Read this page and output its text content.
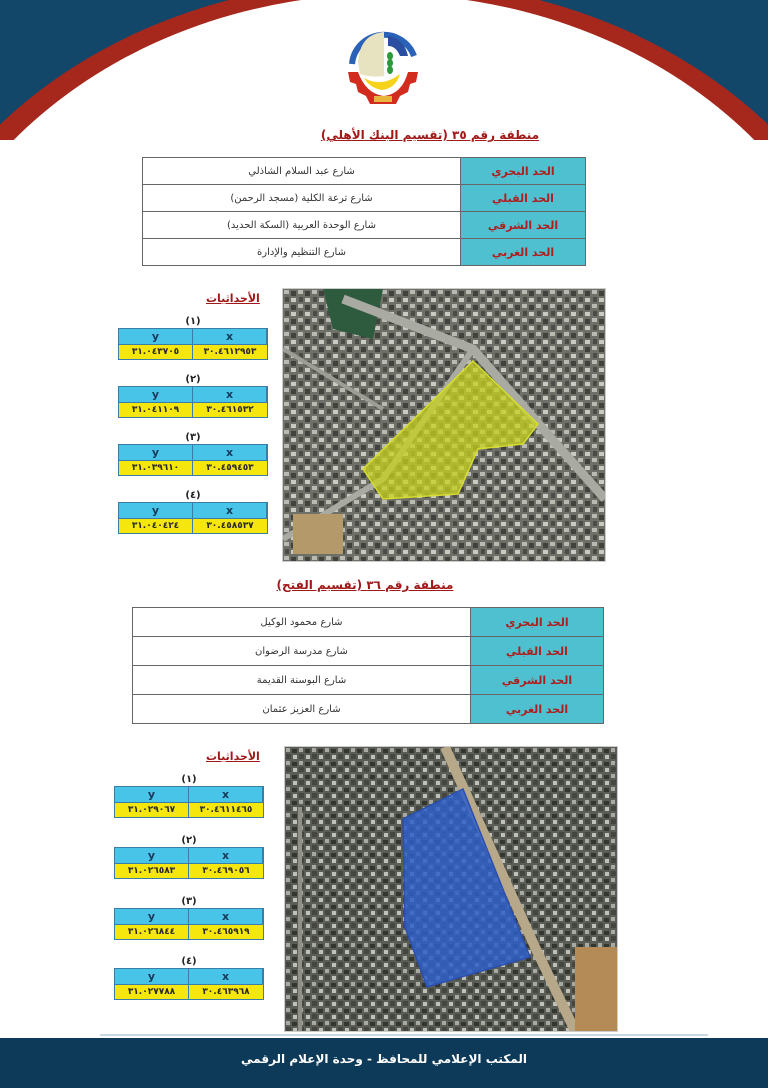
منطقة رقم ٣٥ (تقسيم البنك الأهلي)
شارع عبد السلام الشاذلي	الحد البحري
شارع ترعة الكلية (مسجد الرحمن)	الحد القبلي
شارع الوحدة العربية (السكة الحديد)	الحد الشرقي
شارع التنظيم والإدارة	الحد الغربي
الأحداثيات
(١)
y	x
٣١.٠٤٣٧٠٥	٣٠.٤٦١٢٩٥٣
(٢)
y	x
٣١.٠٤١١٠٩	٣٠.٤٦١٥٣٢
(٣)
y	x
٣١.٠٣٩٦١٠	٣٠.٤٥٩٤٥٣
(٤)
y	x
٣١.٠٤٠٤٢٤	٣٠.٤٥٨٥٣٧
منطقة رقم ٣٦ (تقسيم الفتح)
شارع محمود الوكيل	الحد البحري
شارع مدرسة الرضوان	الحد القبلي
شارع البوسنة القديمة	الحد الشرقي
شارع العزيز عثمان	الحد الغربي
الأحداثيات
(١)
y	x
٣١.٠٢٩٠٦٧	٣٠.٤٦١١٤٦٥
(٢)
y	x
٣١.٠٢٦٥٨٣	٣٠.٤٦٩٠٥٦
(٣)
y	x
٣١.٠٢٦٨٤٤	٣٠.٤٦٥٩١٩
(٤)
y	x
٣١.٠٢٧٧٨٨	٣٠.٤٦٣٩٦٨
المكتب الإعلامي للمحافظ - وحدة الإعلام الرقمي
